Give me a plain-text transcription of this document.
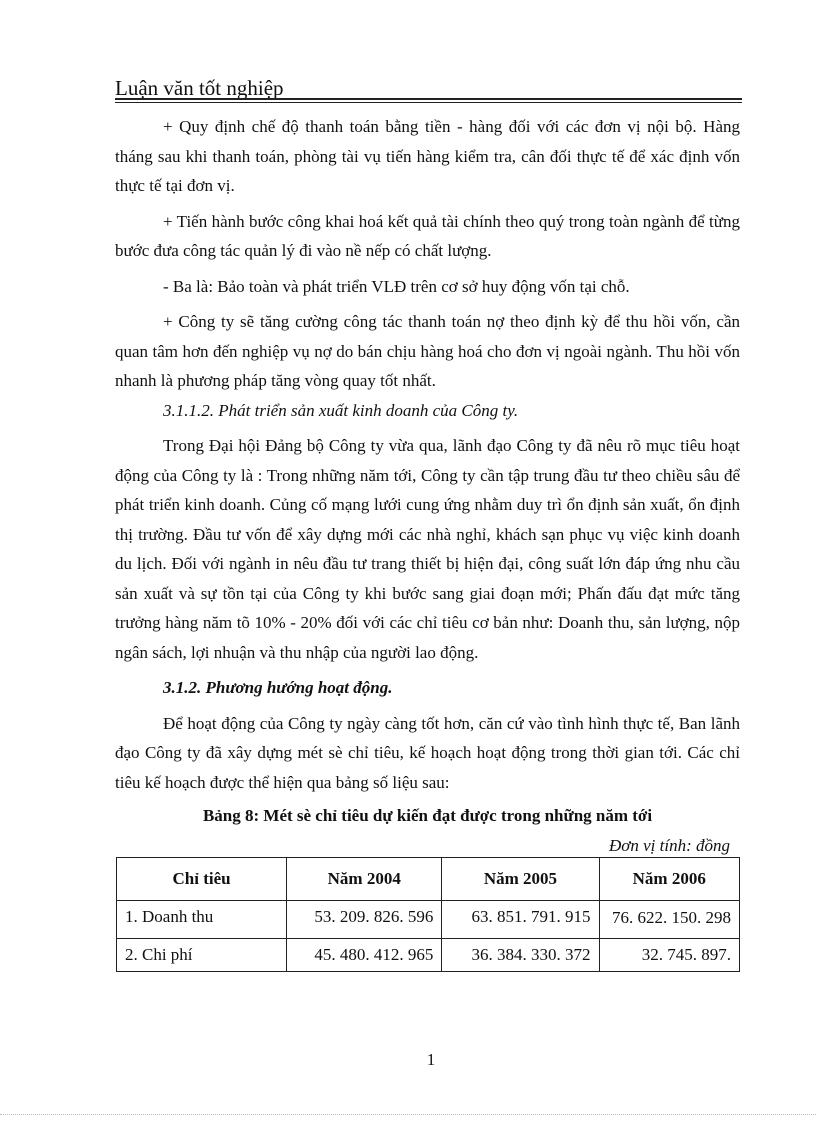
Luận văn tốt nghiệp

+ Quy định chế độ thanh toán bằng tiền - hàng đối với các đơn vị nội bộ. Hàng tháng sau khi thanh toán, phòng tài vụ tiến hàng kiểm tra, cân đối thực tế để xác định vốn thực tế tại đơn vị.

+ Tiến hành bước công khai hoá kết quả tài chính theo quý trong toàn ngành để từng bước đưa công tác quản lý đi vào nề nếp có chất lượng.

- Ba là: Bảo toàn và phát triển VLĐ trên cơ sở huy động vốn tại chỗ.

+ Công ty sẽ tăng cường công tác thanh toán nợ theo định kỳ để thu hồi vốn, cần quan tâm hơn đến nghiệp vụ nợ do bán chịu hàng hoá cho đơn vị ngoài ngành. Thu hồi vốn nhanh là phương pháp tăng vòng quay tốt nhất.

3.1.1.2. Phát triển sản xuất kinh doanh của Công ty.

Trong Đại hội Đảng bộ Công ty vừa qua, lãnh đạo Công ty đã nêu rõ mục tiêu hoạt động của Công ty là : Trong những năm tới, Công ty cần tập trung đầu tư theo chiều sâu để phát triển kinh doanh. Củng cố mạng lưới cung ứng nhằm duy trì ổn định sản xuất, ổn định thị trường. Đầu tư vốn để xây dựng mới các nhà nghỉ, khách sạn phục vụ việc kinh doanh du lịch. Đối với ngành in nêu đầu tư trang thiết bị hiện đại, công suất lớn đáp ứng nhu cầu sản xuất và sự tồn tại của Công ty khi bước sang giai đoạn mới; Phấn đấu đạt mức tăng trưởng hàng năm tõ 10% - 20% đối với các chỉ tiêu cơ bản như: Doanh thu, sản lượng, nộp ngân sách, lợi nhuận và thu nhập của người lao động.

3.1.2. Phương hướng hoạt động.

Để hoạt động của Công ty ngày càng tốt hơn, căn cứ vào tình hình thực tế, Ban lãnh đạo Công ty đã xây dựng mét sè chỉ tiêu, kế hoạch hoạt động trong thời gian tới. Các chỉ tiêu kế hoạch được thể hiện qua bảng số liệu sau:

Bảng 8: Mét sè chỉ tiêu dự kiến đạt được trong những năm tới
Đơn vị tính: đồng
Chỉ tiêu	Năm 2004	Năm 2005	Năm 2006
1. Doanh thu	53. 209. 826. 596	63. 851. 791. 915	76. 622. 150. 298
2. Chi phí	45. 480. 412. 965	36. 384. 330. 372	32. 745. 897.
1
